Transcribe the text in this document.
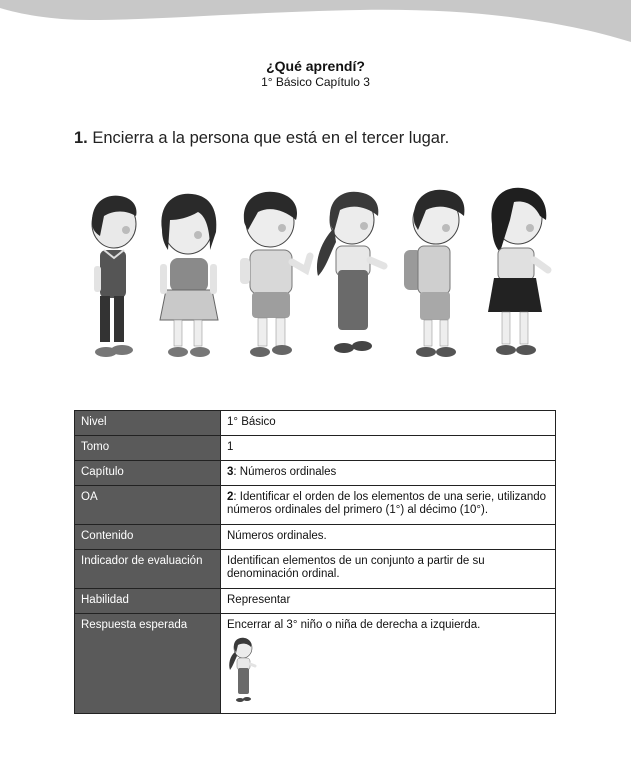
¿Qué aprendí?
1° Básico Capítulo 3
1. Encierra a la persona que está en el tercer lugar.
Nivel	1° Básico
Tomo	1
Capítulo	3: Números ordinales
OA	2: Identificar el orden de los elementos de una serie, utilizando números ordinales del primero (1°) al décimo (10°).
Contenido	Números ordinales.
Indicador de evaluación	Identifican elementos de un conjunto a partir de su denominación ordinal.
Habilidad	Representar
Respuesta esperada	Encerrar al 3° niño o niña de derecha a izquierda.
